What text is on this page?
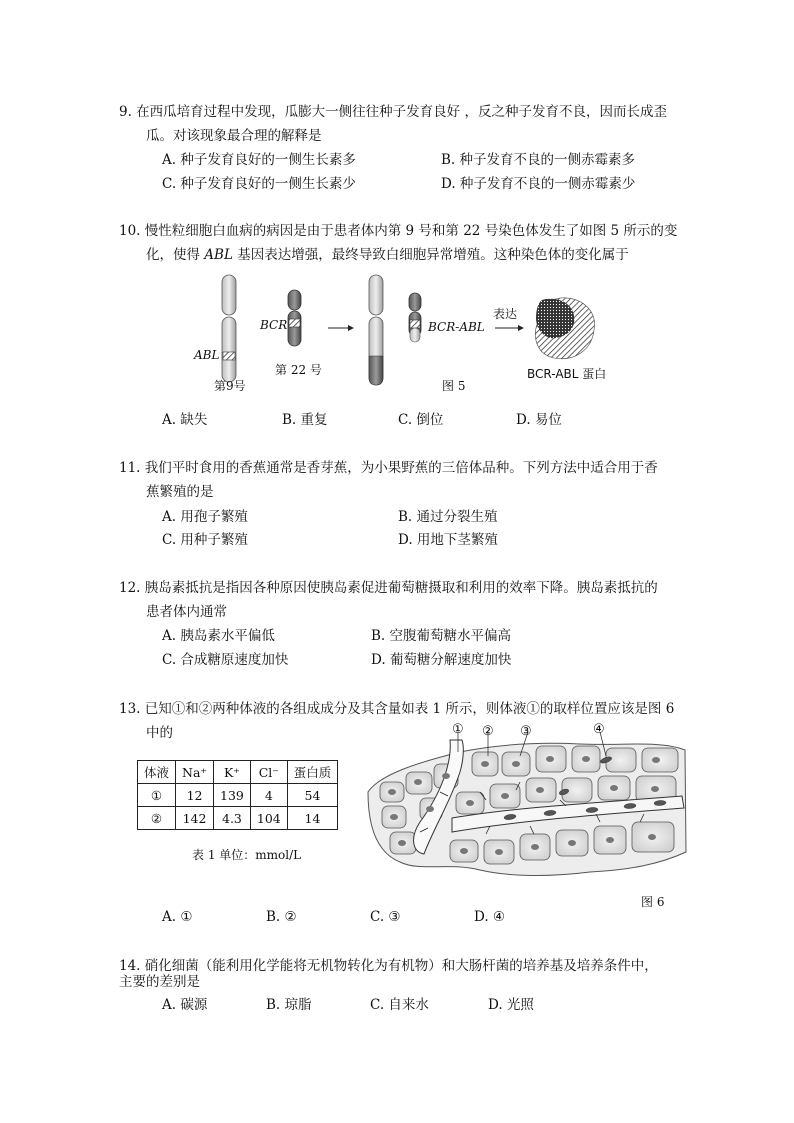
9. 在西瓜培育过程中发现，瓜膨大一侧往往种子发育良好 ，反之种子发育不良，因而长成歪
瓜。对该现象最合理的解释是
A. 种子发育良好的一侧生长素多	B. 种子发育不良的一侧赤霉素多
C. 种子发育良好的一侧生长素少	D. 种子发育不良的一侧赤霉素少
10. 慢性粒细胞白血病的病因是由于患者体内第 9 号和第 22 号染色体发生了如图 5 所示的变
化，使得 ABL 基因表达增强，最终导致白细胞异常增殖。这种染色体的变化属于
ABL
BCR	BCR-ABL
表达
第9号
第 22 号
图 5
BCR-ABL 蛋白
A. 缺失	B. 重复	C. 倒位	D. 易位
11. 我们平时食用的香蕉通常是香芽蕉，为小果野蕉的三倍体品种。下列方法中适合用于香
蕉繁殖的是
A. 用孢子繁殖	B. 通过分裂生殖
C. 用种子繁殖	D. 用地下茎繁殖
12. 胰岛素抵抗是指因各种原因使胰岛素促进葡萄糖摄取和利用的效率下降。胰岛素抵抗的
患者体内通常
A. 胰岛素水平偏低	B. 空腹葡萄糖水平偏高
C. 合成糖原速度加快	D. 葡萄糖分解速度加快
13. 已知①和②两种体液的各组成成分及其含量如表 1 所示，则体液①的取样位置应该是图 6
中的
体液	Na⁺	K⁺	Cl⁻	蛋白质
①	12	139	4	54
②	142	4.3	104	14
表 1 单位：mmol/L
① ② ③	④
图 6
A. ①	B. ②	C. ③	D. ④
14. 硝化细菌（能利用化学能将无机物转化为有机物）和大肠杆菌的培养基及培养条件中，
主要的差别是
A. 碳源	B. 琼脂	C. 自来水	D. 光照
